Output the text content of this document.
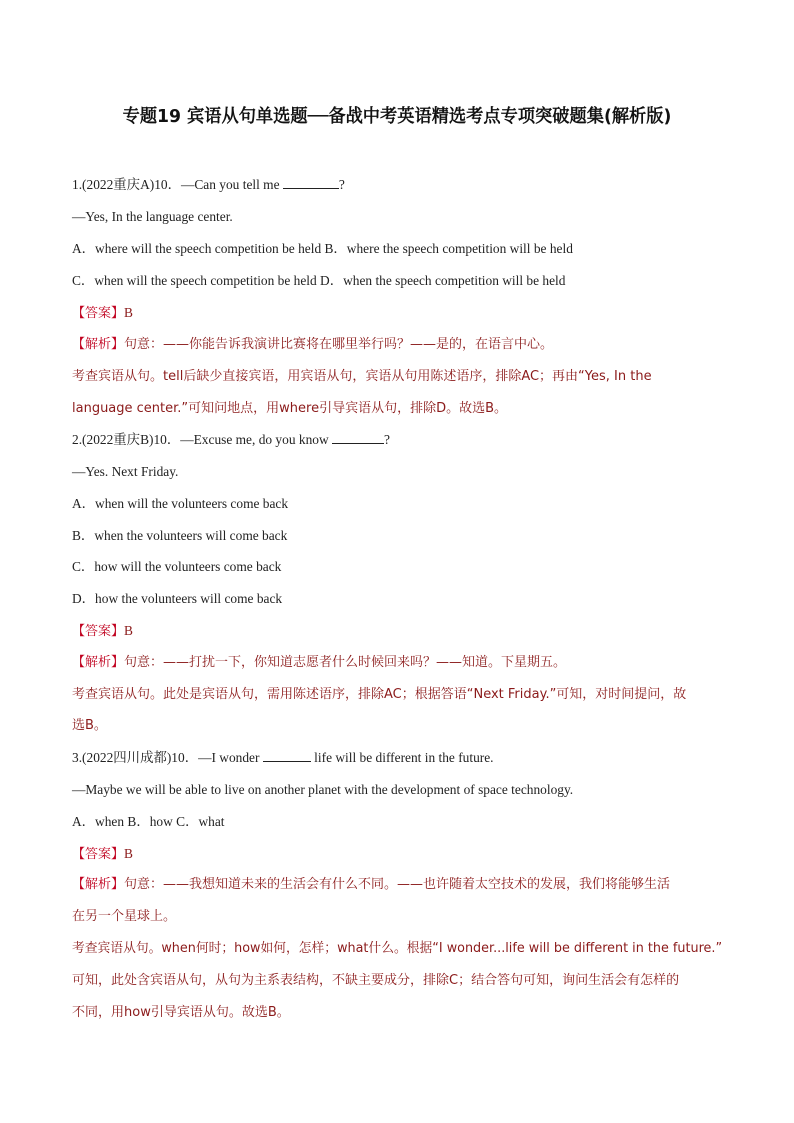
专题19 宾语从句单选题──备战中考英语精选考点专项突破题集(解析版)
1.(2022重庆A)10．—Can you tell me	?
—Yes, In the language center.
A．where will the speech competition be held B．where the speech competition will be held
C．when will the speech competition be held D．when the speech competition will be held
【答案】B
【解析】句意：——你能告诉我演讲比赛将在哪里举行吗？——是的，在语言中心。
考查宾语从句。tell后缺少直接宾语，用宾语从句，宾语从句用陈述语序，排除AC；再由“Yes, In the
language center.”可知问地点，用where引导宾语从句，排除D。故选B。
2.(2022重庆B)10．—Excuse me, do you know	?
—Yes. Next Friday.
A．when will the volunteers come back
B．when the volunteers will come back
C．how will the volunteers come back
D．how the volunteers will come back
【答案】B
【解析】句意：——打扰一下，你知道志愿者什么时候回来吗？——知道。下星期五。
考查宾语从句。此处是宾语从句，需用陈述语序，排除AC；根据答语“Next Friday.”可知，对时间提问，故
选B。
3.(2022四川成都)10．—I wonder	life will be different in the future.
—Maybe we will be able to live on another planet with the development of space technology.
A．when B．how C．what
【答案】B
【解析】句意：——我想知道未来的生活会有什么不同。——也许随着太空技术的发展，我们将能够生活
在另一个星球上。
考查宾语从句。when何时；how如何，怎样；what什么。根据“I wonder...life will be different in the future.”
可知，此处含宾语从句，从句为主系表结构，不缺主要成分，排除C；结合答句可知，询问生活会有怎样的
不同，用how引导宾语从句。故选B。
